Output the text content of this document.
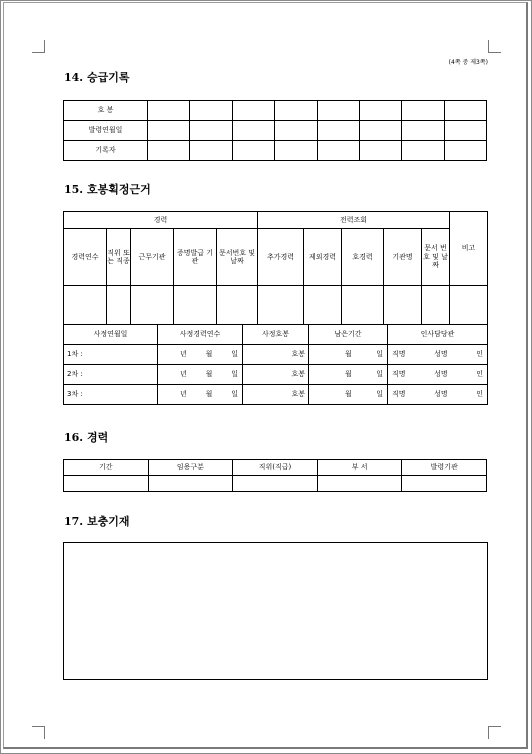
(4쪽 중 제3쪽)
14. 승급기록
호 봉								
발령연월일								
기록자								
15. 호봉획정근거
경력					전력조회					비고
경력연수	직위 또는 직종	근무기관	증명발급 기관	문서번호 및 날짜	추가경력	제외경력	호경력	기관명	문서 번호 및 날짜	

사정연월일	사정경력연수	사정호봉	남은기간	인사담당관
1차 :	년 월 일	호봉	월 일	직명 성명 인

2차 :	년 월 일	호봉	월 일	직명 성명 인

3차 :	년 월 일	호봉	월 일	직명 성명 인
16. 경력
기간	임용구분	직위(직급)	부 서	발령기관

17. 보충기재
